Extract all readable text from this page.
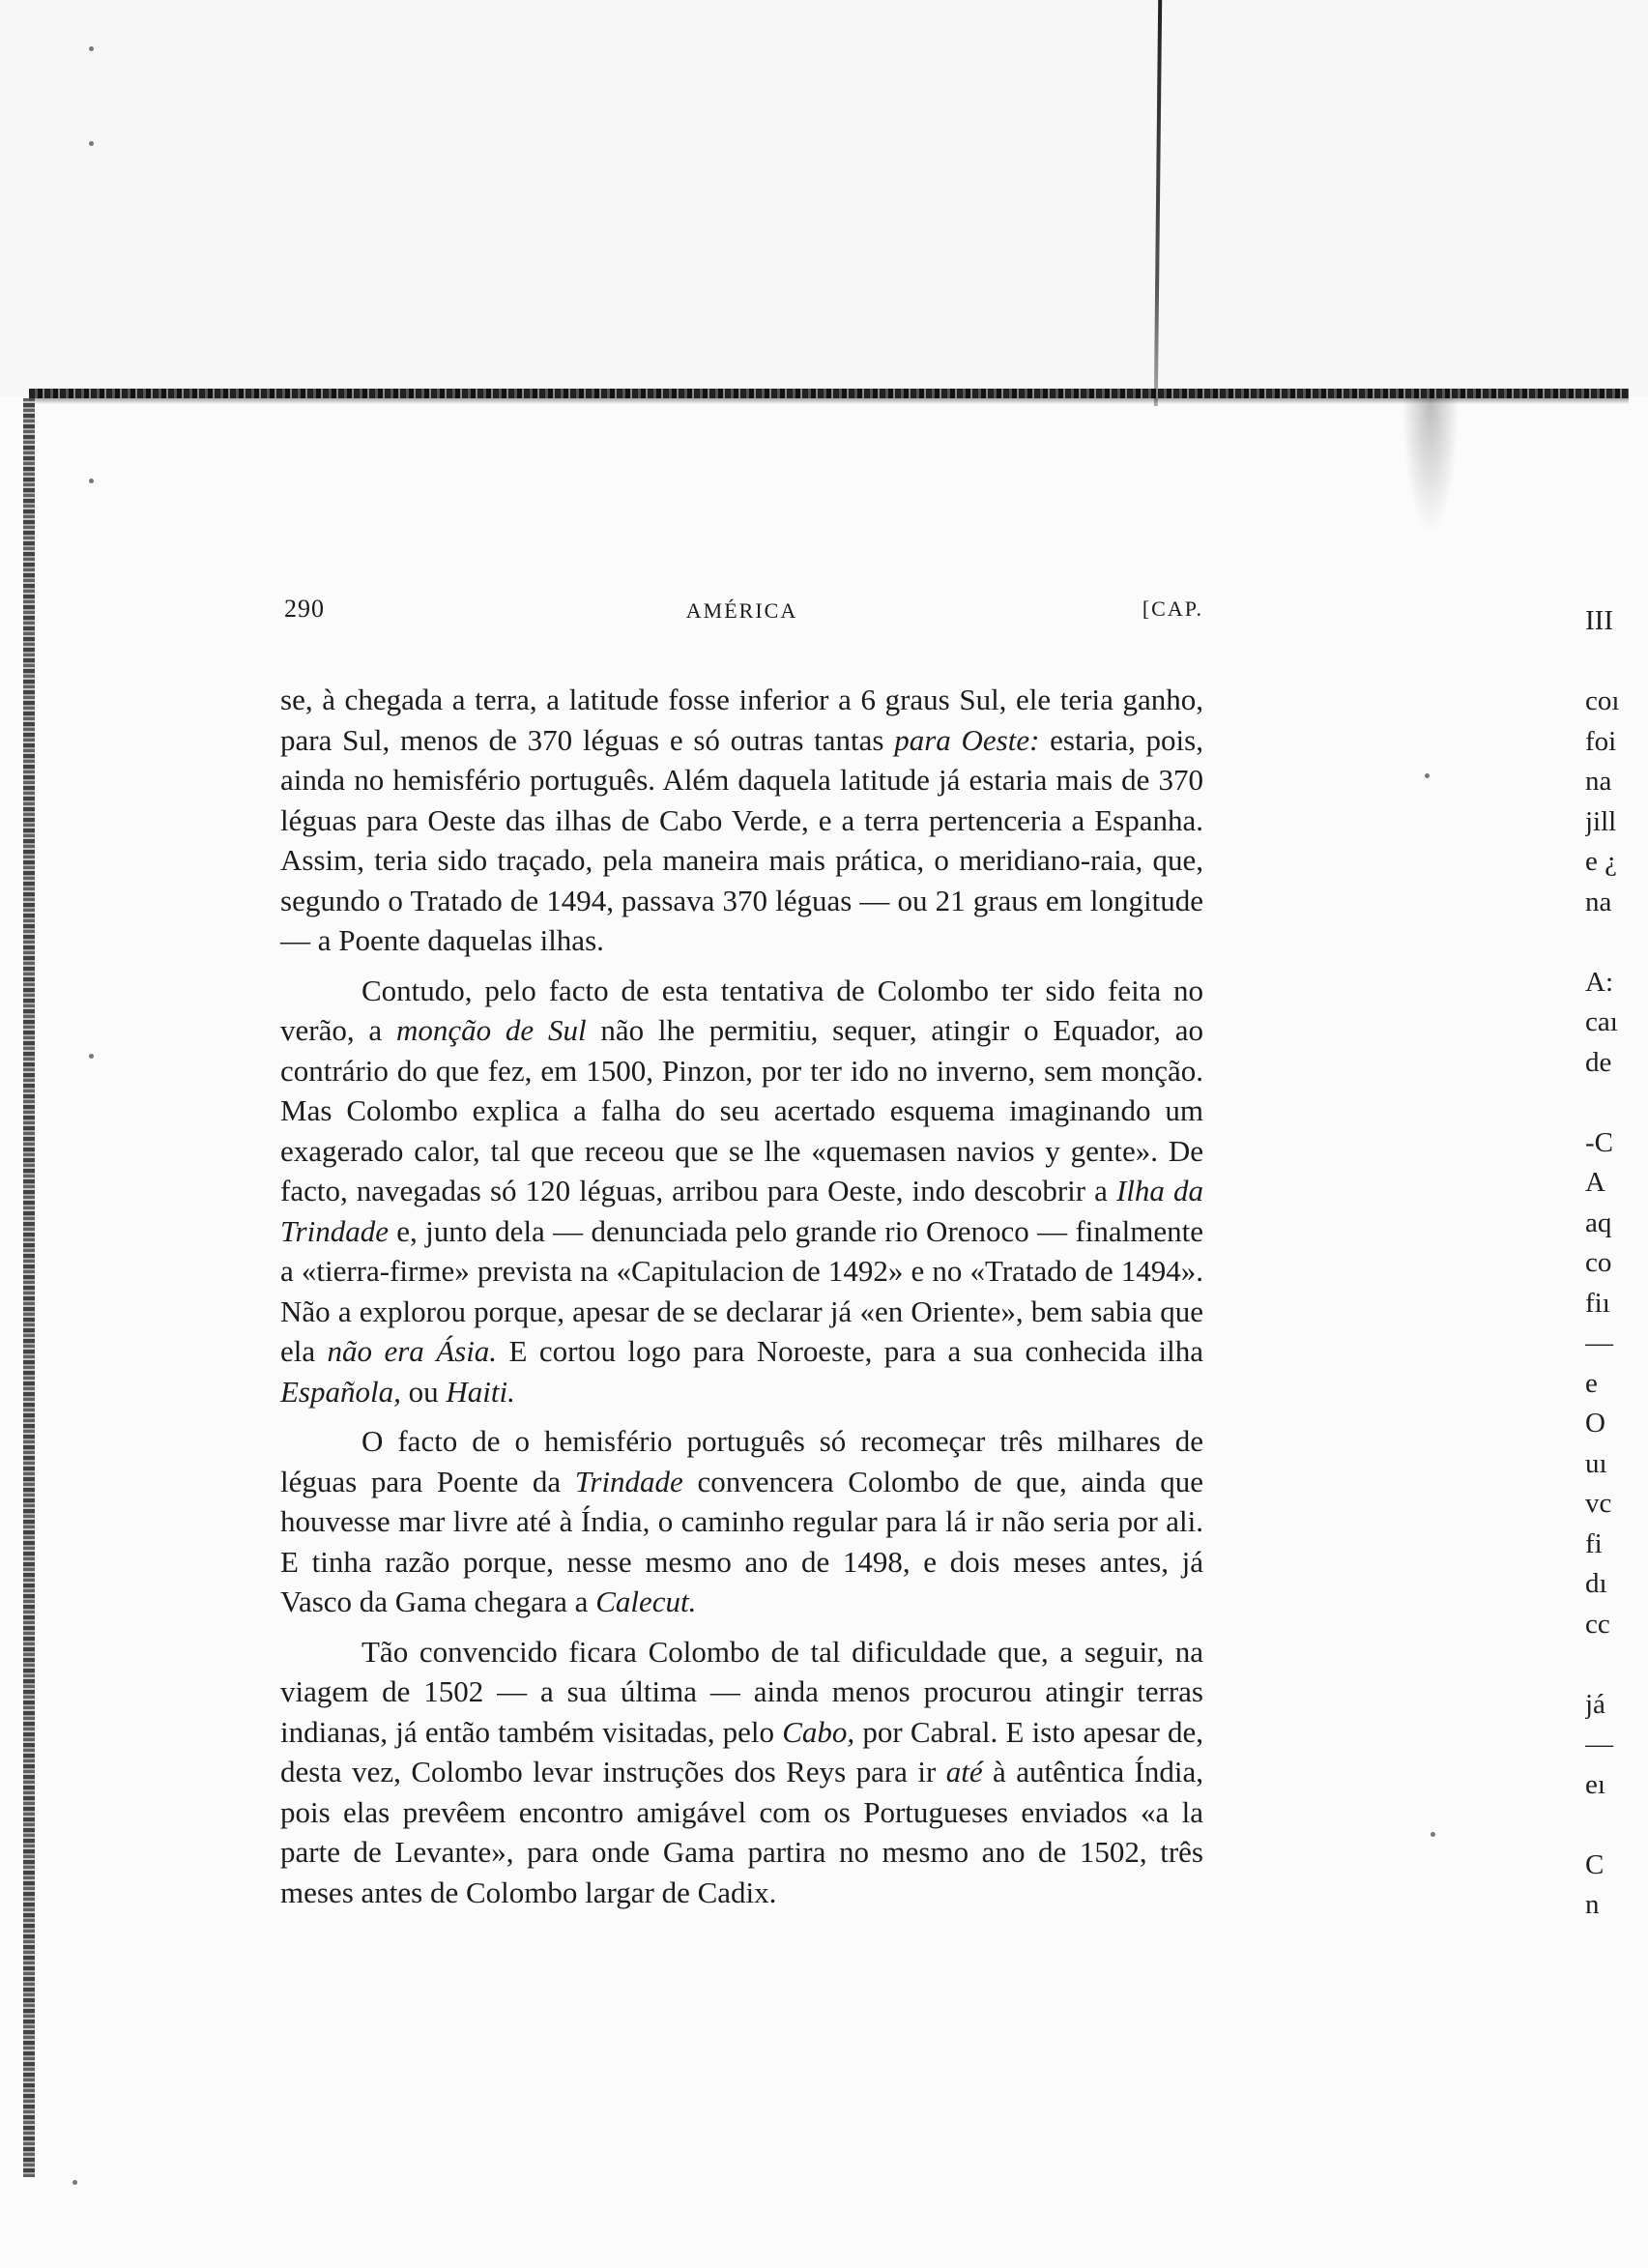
290	AMÉRICA	[CAP.

se, à chegada a terra, a latitude fosse inferior a 6 graus Sul, ele teria ganho, para Sul, menos de 370 léguas e só outras tantas para Oeste: estaria, pois, ainda no hemisfério português. Além daquela latitude já estaria mais de 370 léguas para Oeste das ilhas de Cabo Verde, e a terra pertenceria a Espanha. Assim, teria sido traçado, pela maneira mais prática, o meridiano-raia, que, segundo o Tratado de 1494, passava 370 léguas — ou 21 graus em longitude — a Poente daquelas ilhas.

Contudo, pelo facto de esta tentativa de Colombo ter sido feita no verão, a monção de Sul não lhe permitiu, sequer, atingir o Equador, ao contrário do que fez, em 1500, Pinzon, por ter ido no inverno, sem monção. Mas Colombo explica a falha do seu acertado esquema imaginando um exagerado calor, tal que receou que se lhe «quemasen navios y gente». De facto, navegadas só 120 léguas, arribou para Oeste, indo descobrir a Ilha da Trindade e, junto dela — denunciada pelo grande rio Orenoco — finalmente a «tierra-firme» prevista na «Capitulacion de 1492» e no «Tratado de 1494». Não a explorou porque, apesar de se declarar já «en Oriente», bem sabia que ela não era Ásia. E cortou logo para Noroeste, para a sua conhecida ilha Española, ou Haiti.

O facto de o hemisfério português só recomeçar três milhares de léguas para Poente da Trindade convencera Colombo de que, ainda que houvesse mar livre até à Índia, o caminho regular para lá ir não seria por ali. E tinha razão porque, nesse mesmo ano de 1498, e dois meses antes, já Vasco da Gama chegara a Calecut.

Tão convencido ficara Colombo de tal dificuldade que, a seguir, na viagem de 1502 — a sua última — ainda menos procurou atingir terras indianas, já então também visitadas, pelo Cabo, por Cabral. E isto apesar de, desta vez, Colombo levar instruções dos Reys para ir até à autêntica Índia, pois elas prevêem encontro amigável com os Portugueses enviados «a la parte de Levante», para onde Gama partira no mesmo ano de 1502, três meses antes de Colombo largar de Cadix.

III
coı
foi
na
jill
e ¿
na
A:
caı
de
-C
A
aq
co
fiı
—
e
O
uı
vc
fi
dı
cc
já
—
eı
C
n
